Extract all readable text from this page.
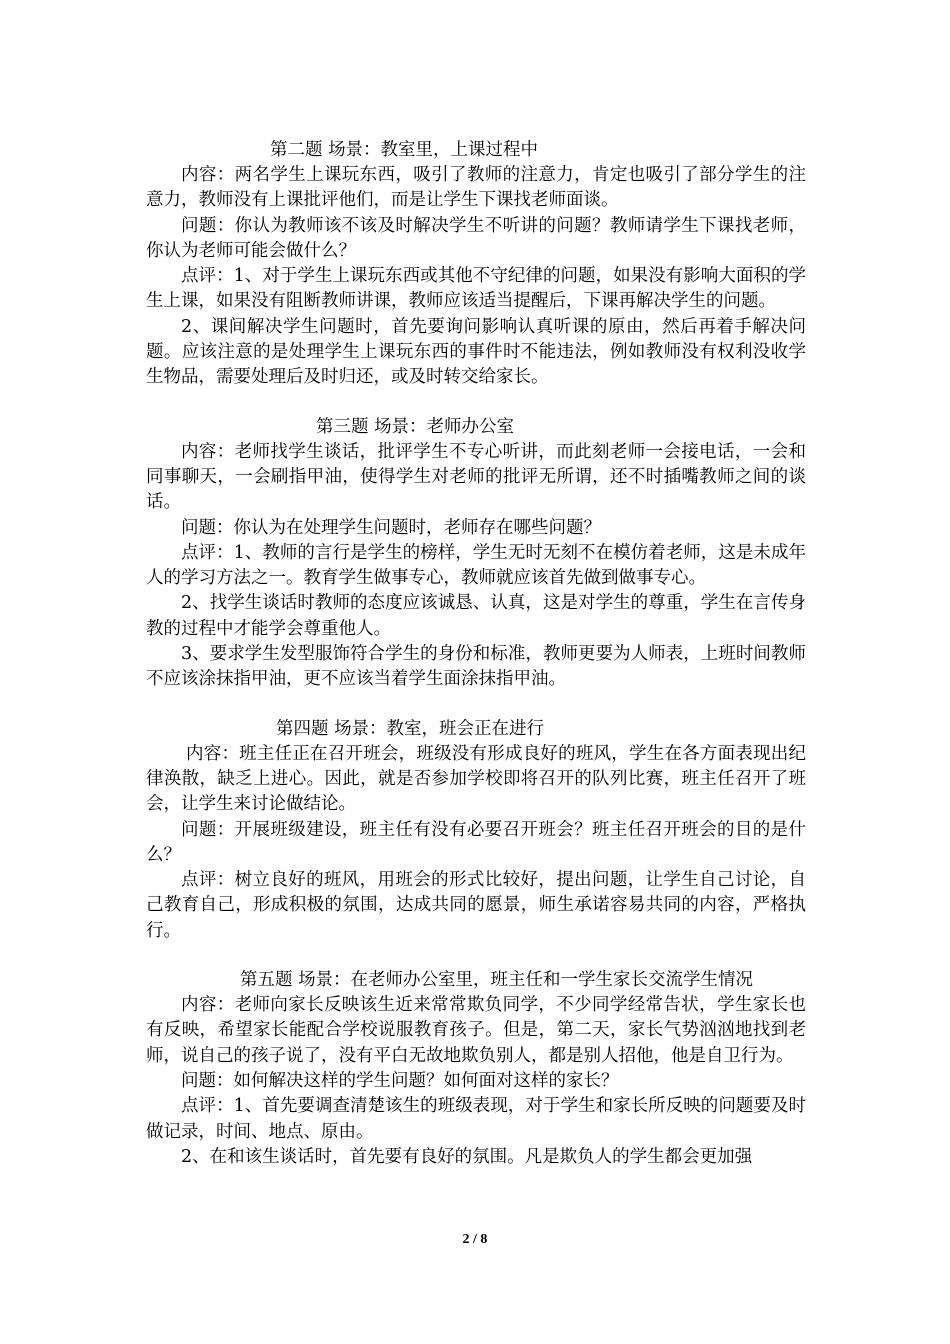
第二题 场景：教室里，上课过程中

内容：两名学生上课玩东西，吸引了教师的注意力，肯定也吸引了部分学生的注意力，教师没有上课批评他们，而是让学生下课找老师面谈。

问题：你认为教师该不该及时解决学生不听讲的问题？教师请学生下课找老师，你认为老师可能会做什么？

点评：1、对于学生上课玩东西或其他不守纪律的问题，如果没有影响大面积的学生上课，如果没有阻断教师讲课，教师应该适当提醒后，下课再解决学生的问题。

2、课间解决学生问题时，首先要询问影响认真听课的原由，然后再着手解决问题。应该注意的是处理学生上课玩东西的事件时不能违法，例如教师没有权利没收学生物品，需要处理后及时归还，或及时转交给家长。

第三题 场景：老师办公室

内容：老师找学生谈话，批评学生不专心听讲，而此刻老师一会接电话，一会和同事聊天，一会刷指甲油，使得学生对老师的批评无所谓，还不时插嘴教师之间的谈话。

问题：你认为在处理学生问题时，老师存在哪些问题？

点评：1、教师的言行是学生的榜样，学生无时无刻不在模仿着老师，这是未成年人的学习方法之一。教育学生做事专心，教师就应该首先做到做事专心。

2、找学生谈话时教师的态度应该诚恳、认真，这是对学生的尊重，学生在言传身教的过程中才能学会尊重他人。

3、要求学生发型服饰符合学生的身份和标准，教师更要为人师表，上班时间教师不应该涂抹指甲油，更不应该当着学生面涂抹指甲油。

第四题 场景：教室，班会正在进行

内容：班主任正在召开班会，班级没有形成良好的班风，学生在各方面表现出纪律涣散，缺乏上进心。因此，就是否参加学校即将召开的队列比赛，班主任召开了班会，让学生来讨论做结论。

问题：开展班级建设，班主任有没有必要召开班会？班主任召开班会的目的是什么？

点评：树立良好的班风，用班会的形式比较好，提出问题，让学生自己讨论，自己教育自己，形成积极的氛围，达成共同的愿景，师生承诺容易共同的内容，严格执行。

第五题 场景：在老师办公室里，班主任和一学生家长交流学生情况

内容：老师向家长反映该生近来常常欺负同学，不少同学经常告状，学生家长也有反映，希望家长能配合学校说服教育孩子。但是，第二天，家长气势汹汹地找到老师，说自己的孩子说了，没有平白无故地欺负别人，都是别人招他，他是自卫行为。

问题：如何解决这样的学生问题？如何面对这样的家长？

点评：1、首先要调查清楚该生的班级表现，对于学生和家长所反映的问题要及时做记录，时间、地点、原由。

2、在和该生谈话时，首先要有良好的氛围。凡是欺负人的学生都会更加强

2 / 8
